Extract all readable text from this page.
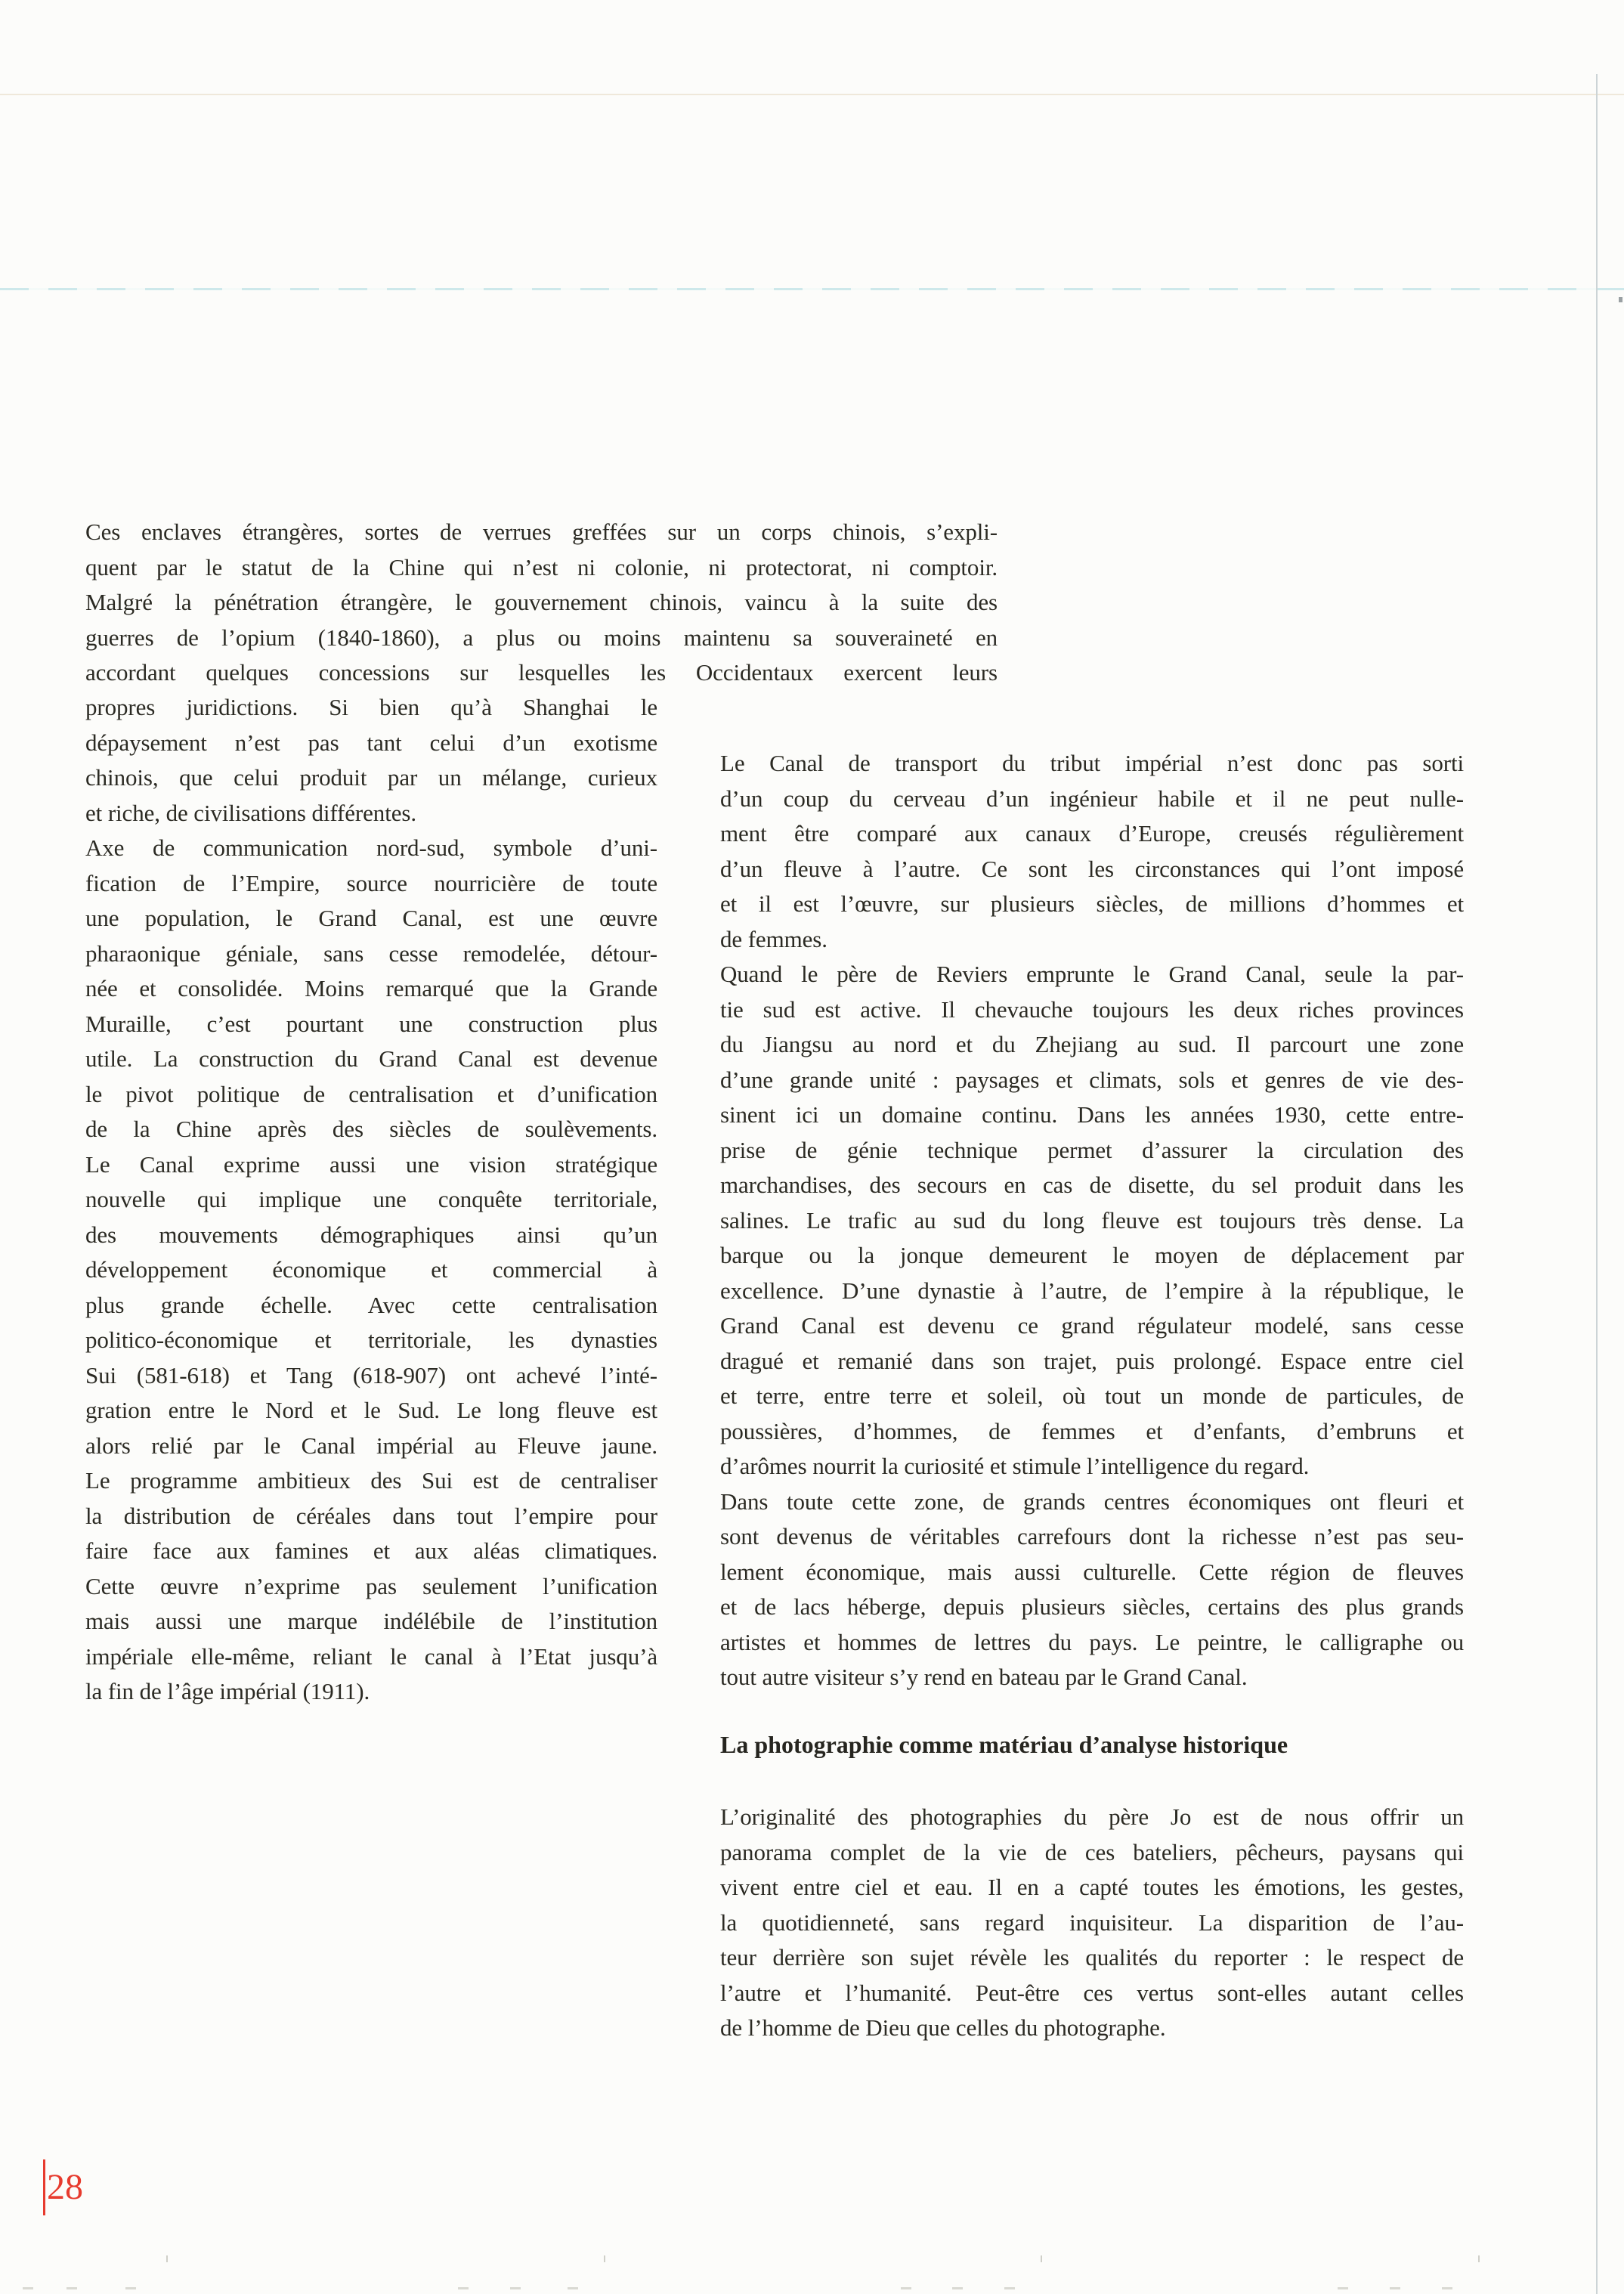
Ces enclaves étrangères, sortes de verrues greffées sur un corps chinois, s’expli-
quent par le statut de la Chine qui n’est ni colonie, ni protectorat, ni comptoir.
Malgré la pénétration étrangère, le gouvernement chinois, vaincu à la suite des
guerres de l’opium (1840-1860), a plus ou moins maintenu sa souveraineté en
accordant quelques concessions sur lesquelles les Occidentaux exercent leurs
propres juridictions. Si bien qu’à Shanghai le
dépaysement n’est pas tant celui d’un exotisme
chinois, que celui produit par un mélange, curieux
et riche, de civilisations différentes.
Axe de communication nord-sud, symbole d’uni-
fication de l’Empire, source nourricière de toute
une population, le Grand Canal, est une œuvre
pharaonique géniale, sans cesse remodelée, détour-
née et consolidée. Moins remarqué que la Grande
Muraille, c’est pourtant une construction plus
utile. La construction du Grand Canal est devenue
le pivot politique de centralisation et d’unification
de la Chine après des siècles de soulèvements.
Le Canal exprime aussi une vision stratégique
nouvelle qui implique une conquête territoriale,
des mouvements démographiques ainsi qu’un
développement économique et commercial à
plus grande échelle. Avec cette centralisation
politico-économique et territoriale, les dynasties
Sui (581-618) et Tang (618-907) ont achevé l’inté-
gration entre le Nord et le Sud. Le long fleuve est
alors relié par le Canal impérial au Fleuve jaune.
Le programme ambitieux des Sui est de centraliser
la distribution de céréales dans tout l’empire pour
faire face aux famines et aux aléas climatiques.
Cette œuvre n’exprime pas seulement l’unification
mais aussi une marque indélébile de l’institution
impériale elle-même, reliant le canal à l’Etat jusqu’à
la fin de l’âge impérial (1911).
Le Canal de transport du tribut impérial n’est donc pas sorti
d’un coup du cerveau d’un ingénieur habile et il ne peut nulle-
ment être comparé aux canaux d’Europe, creusés régulièrement
d’un fleuve à l’autre. Ce sont les circonstances qui l’ont imposé
et il est l’œuvre, sur plusieurs siècles, de millions d’hommes et
de femmes.
Quand le père de Reviers emprunte le Grand Canal, seule la par-
tie sud est active. Il chevauche toujours les deux riches provinces
du Jiangsu au nord et du Zhejiang au sud. Il parcourt une zone
d’une grande unité : paysages et climats, sols et genres de vie des-
sinent ici un domaine continu. Dans les années 1930, cette entre-
prise de génie technique permet d’assurer la circulation des
marchandises, des secours en cas de disette, du sel produit dans les
salines. Le trafic au sud du long fleuve est toujours très dense. La
barque ou la jonque demeurent le moyen de déplacement par
excellence. D’une dynastie à l’autre, de l’empire à la république, le
Grand Canal est devenu ce grand régulateur modelé, sans cesse
dragué et remanié dans son trajet, puis prolongé. Espace entre ciel
et terre, entre terre et soleil, où tout un monde de particules, de
poussières, d’hommes, de femmes et d’enfants, d’embruns et
d’arômes nourrit la curiosité et stimule l’intelligence du regard.
Dans toute cette zone, de grands centres économiques ont fleuri et
sont devenus de véritables carrefours dont la richesse n’est pas seu-
lement économique, mais aussi culturelle. Cette région de fleuves
et de lacs héberge, depuis plusieurs siècles, certains des plus grands
artistes et hommes de lettres du pays. Le peintre, le calligraphe ou
tout autre visiteur s’y rend en bateau par le Grand Canal.
La photographie comme matériau d’analyse historique
L’originalité des photographies du père Jo est de nous offrir un
panorama complet de la vie de ces bateliers, pêcheurs, paysans qui
vivent entre ciel et eau. Il en a capté toutes les émotions, les gestes,
la quotidienneté, sans regard inquisiteur. La disparition de l’au-
teur derrière son sujet révèle les qualités du reporter : le respect de
l’autre et l’humanité. Peut-être ces vertus sont-elles autant celles
de l’homme de Dieu que celles du photographe.
28
